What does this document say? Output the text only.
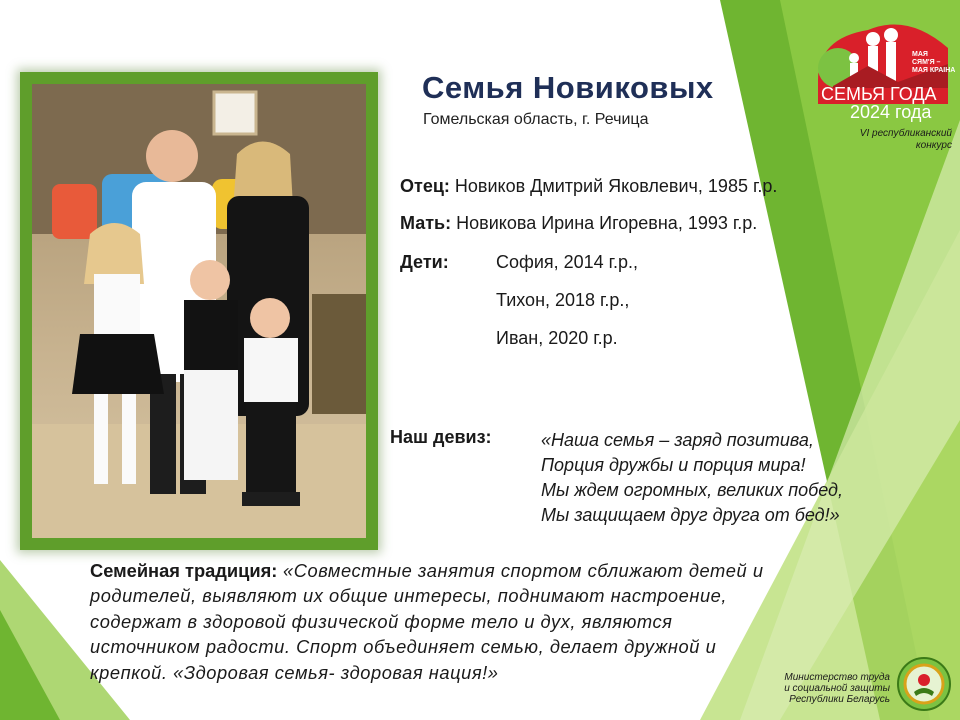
Семья Новиковых
Гомельская область, г. Речица
Отец: Новиков Дмитрий Яковлевич, 1985 г.р.
Мать: Новикова Ирина Игоревна, 1993 г.р.
Дети:	София, 2014 г.р.,
Тихон, 2018 г.р.,
Иван, 2020 г.р.
Наш девиз:	«Наша семья – заряд позитива,
Порция дружбы и порция мира!
Мы ждем огромных, великих побед,
Мы защищаем друг друга от бед!»
Семейная традиция: «Совместные занятия спортом сближают детей и родителей, выявляют их общие интересы, поднимают настроение, содержат в здоровой физической форме тело и дух, являются источником радости. Спорт объединяет семью, делает дружной и крепкой. «Здоровая семья- здоровая нация!»
МАЯ
СЯМ'Я –
МАЯ КРАІНА
СЕМЬЯ ГОДА
2024 года
VI республиканский
конкурс
Министерство труда
и социальной защиты
Республики Беларусь
